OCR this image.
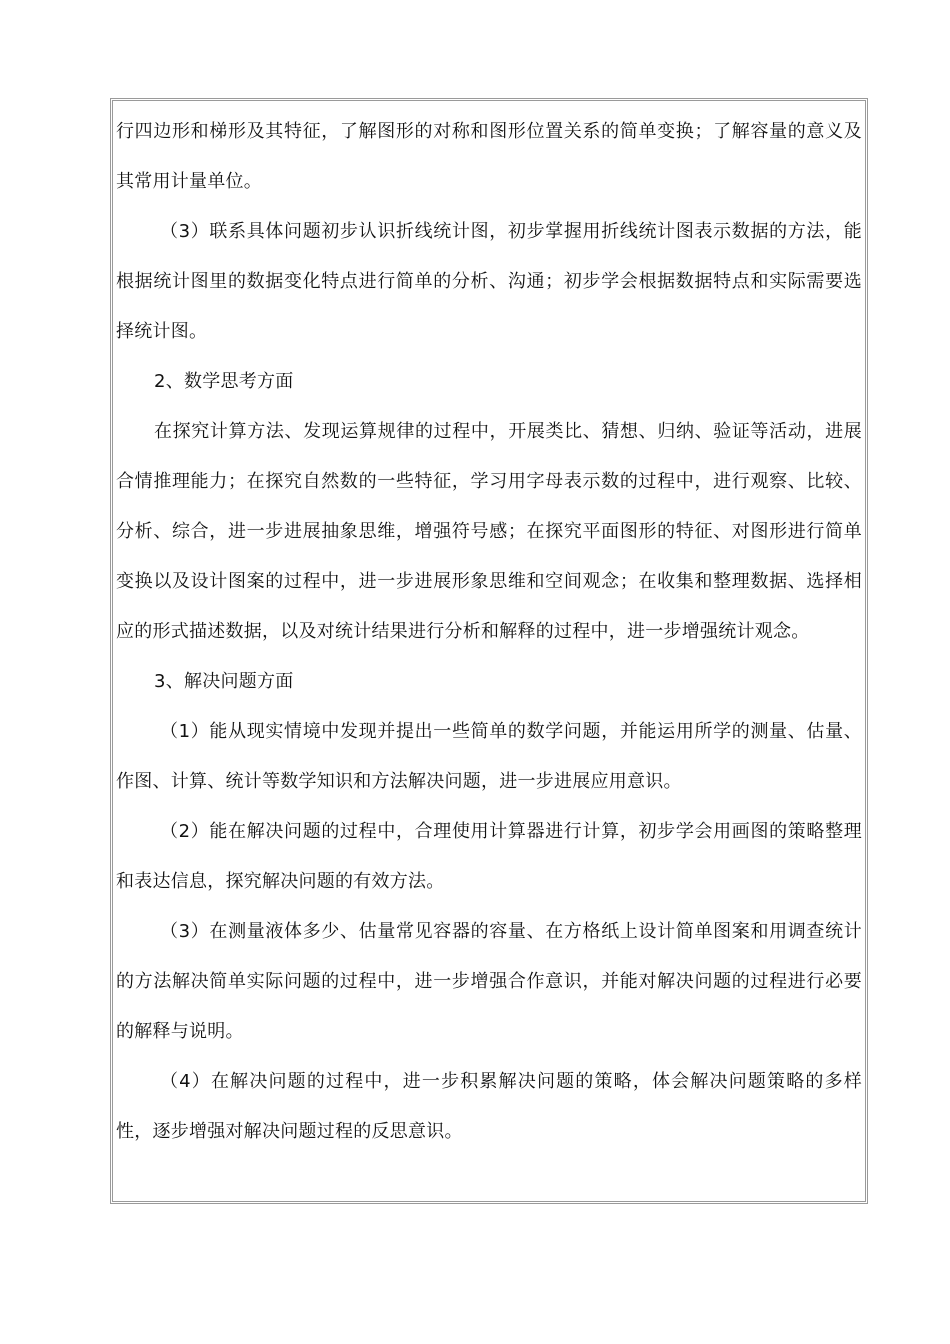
行四边形和梯形及其特征，了解图形的对称和图形位置关系的简单变换；了解容量的意义及其常用计量单位。

（3）联系具体问题初步认识折线统计图，初步掌握用折线统计图表示数据的方法，能根据统计图里的数据变化特点进行简单的分析、沟通；初步学会根据数据特点和实际需要选择统计图。

2、数学思考方面

在探究计算方法、发现运算规律的过程中，开展类比、猜想、归纳、验证等活动，进展合情推理能力；在探究自然数的一些特征，学习用字母表示数的过程中，进行观察、比较、分析、综合，进一步进展抽象思维，增强符号感；在探究平面图形的特征、对图形进行简单变换以及设计图案的过程中，进一步进展形象思维和空间观念；在收集和整理数据、选择相应的形式描述数据，以及对统计结果进行分析和解释的过程中，进一步增强统计观念。

3、解决问题方面

（1）能从现实情境中发现并提出一些简单的数学问题，并能运用所学的测量、估量、作图、计算、统计等数学知识和方法解决问题，进一步进展应用意识。

（2）能在解决问题的过程中，合理使用计算器进行计算，初步学会用画图的策略整理和表达信息，探究解决问题的有效方法。

（3）在测量液体多少、估量常见容器的容量、在方格纸上设计简单图案和用调查统计的方法解决简单实际问题的过程中，进一步增强合作意识，并能对解决问题的过程进行必要的解释与说明。

（4）在解决问题的过程中，进一步积累解决问题的策略，体会解决问题策略的多样性，逐步增强对解决问题过程的反思意识。
